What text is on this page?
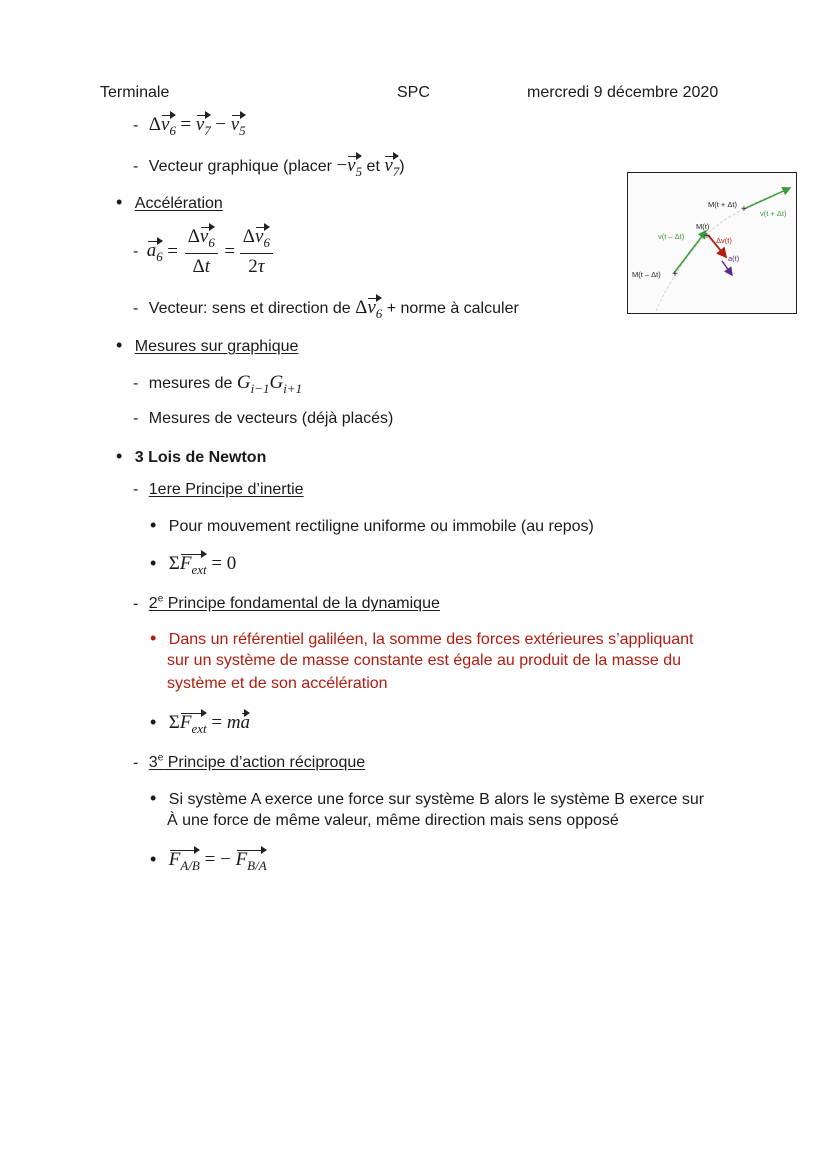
Terminale	SPC	mercredi 9 décembre 2020
- $\Delta v_6 = v_7 - v_5$
- Vecteur graphique (placer $-v_5$ et $v_7$)
• Accélération
- $a_6 = \frac{\Delta v_6}{\Delta t} = \frac{\Delta v_6}{2\tau}$
- Vecteur: sens et direction de $\Delta v_6$ + norme à calculer
• Mesures sur graphique
- mesures de $G_{i-1}G_{i+1}$
- Mesures de vecteurs (déjà placés)
• 3 Lois de Newton
- 1ere Principe d’inertie
• Pour mouvement rectiligne uniforme ou immobile (au repos)
• $\Sigma F_{ext} = 0$
- 2e Principe fondamental de la dynamique
• Dans un référentiel galiléen, la somme des forces extérieures s’appliquant
sur un système de masse constante est égale au produit de la masse du
système et de son accélération
• $\Sigma F_{ext}$ = ma
- 3e Principe d’action réciproque
• Si système A exerce une force sur système B alors le système B exerce sur
À une force de même valeur, même direction mais sens opposé
• $F_{A/B}$ = − $F_{B/A}$
+
+
+
M(t + Δt)
v(t + Δt)
M(t)
v(t – Δt)	Δv(t)
a(t)
M(t – Δt)
